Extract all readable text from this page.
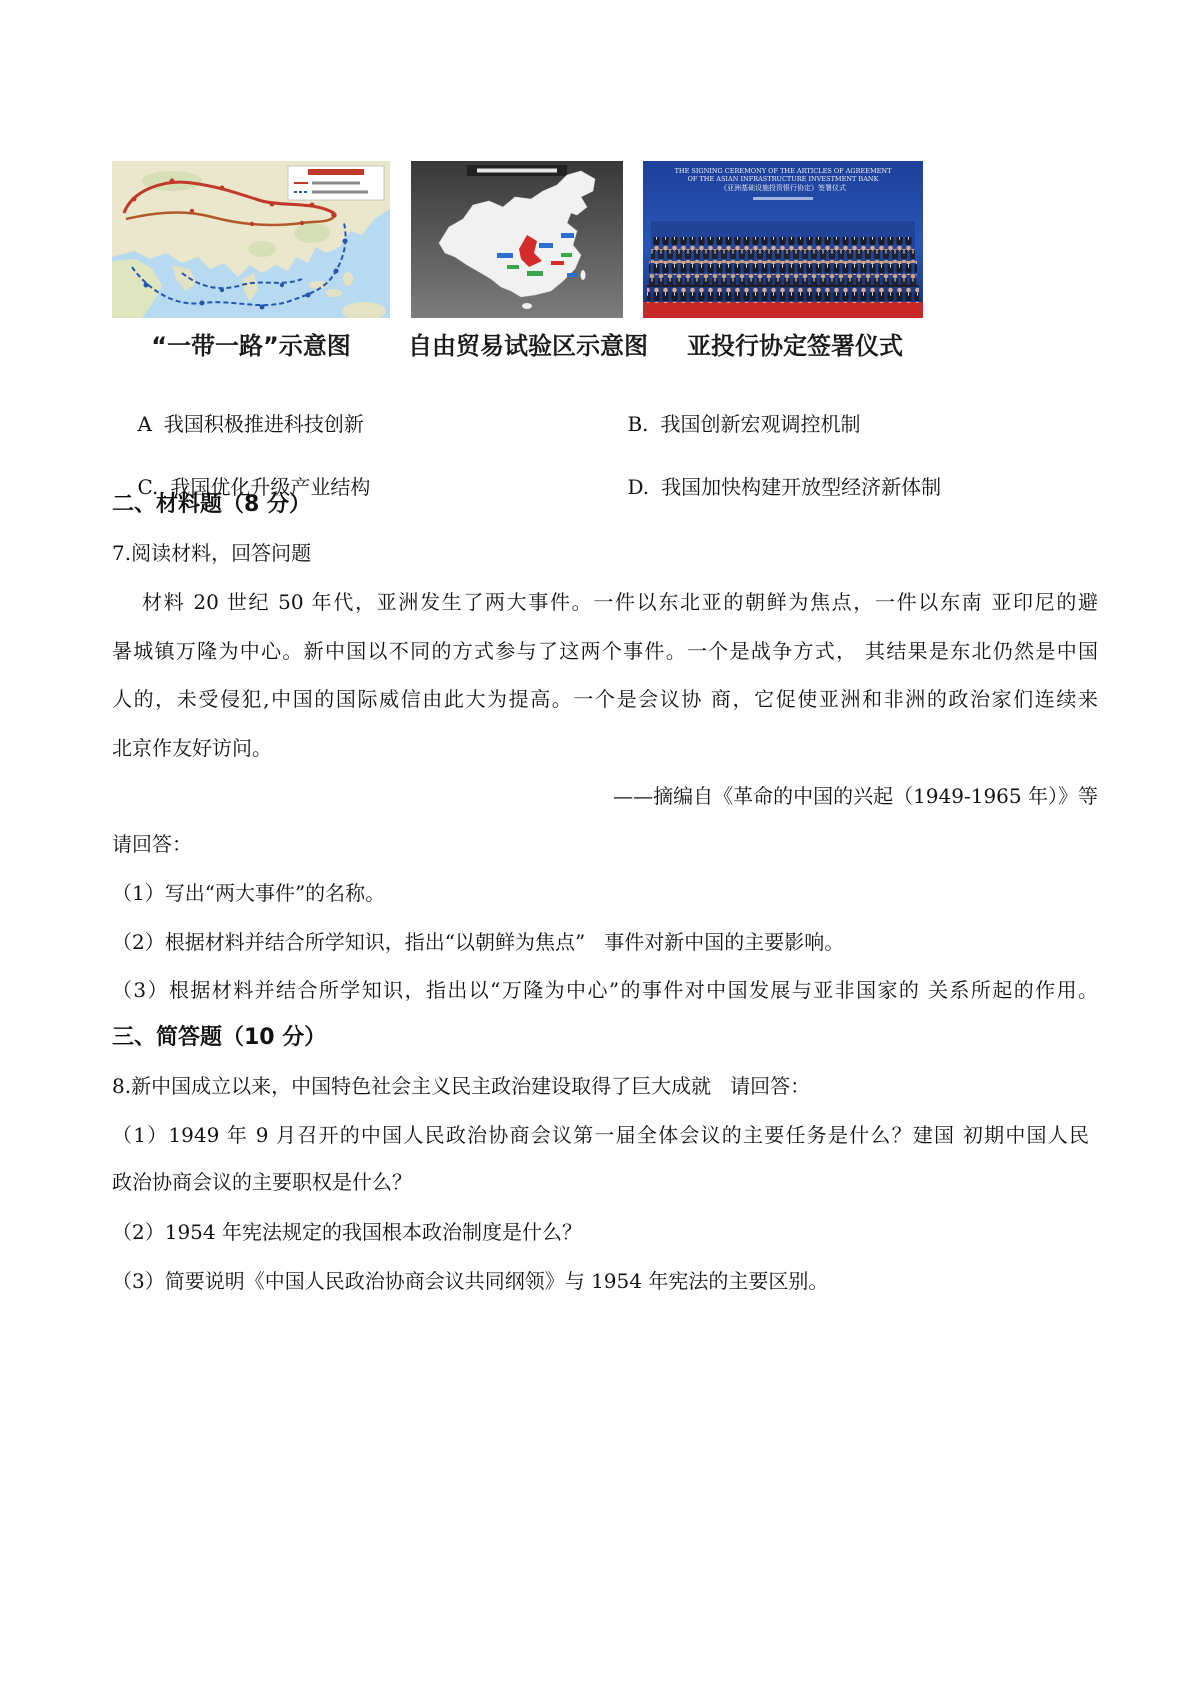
“一带一路”示意图	自由贸易试验区示意图
THE SIGNING CEREMONY OF THE ARTICLES OF AGREEMENT
OF THE ASIAN INFRASTRUCTURE INVESTMENT BANK
《亚洲基础设施投资银行协定》签署仪式
亚投行协定签署仪式

A 我国积极推进科技创新
	B. 我国创新宏观调控机制

C. 我国优化升级产业结构
	D. 我国加快构建开放型经济新体制

二、材料题（8 分）
7.阅读材料，回答问题
材料 20 世纪 50 年代，亚洲发生了两大事件。一件以东北亚的朝鲜为焦点，一件以东南 亚印尼的避
暑城镇万隆为中心。新中国以不同的方式参与了这两个事件。一个是战争方式， 其结果是东北仍然是中国
人的，未受侵犯,中国的国际威信由此大为提高。一个是会议协 商，它促使亚洲和非洲的政治家们连续来
北京作友好访问。
——摘编自《革命的中国的兴起（1949-1965 年）》等
请回答：
（1）写出“两大事件”的名称。
（2）根据材料并结合所学知识，指出“以朝鲜为焦点”   事件对新中国的主要影响。
（3）根据材料并结合所学知识，指出以“万隆为中心”的事件对中国发展与亚非国家的 关系所起的作用。
三、简答题（10 分）
8.新中国成立以来，中国特色社会主义民主政治建设取得了巨大成就   请回答：
（1）1949 年 9 月召开的中国人民政治协商会议第一届全体会议的主要任务是什么？建国 初期中国人民
政治协商会议的主要职权是什么？
（2）1954 年宪法规定的我国根本政治制度是什么？
（3）简要说明《中国人民政治协商会议共同纲领》与 1954 年宪法的主要区别。
